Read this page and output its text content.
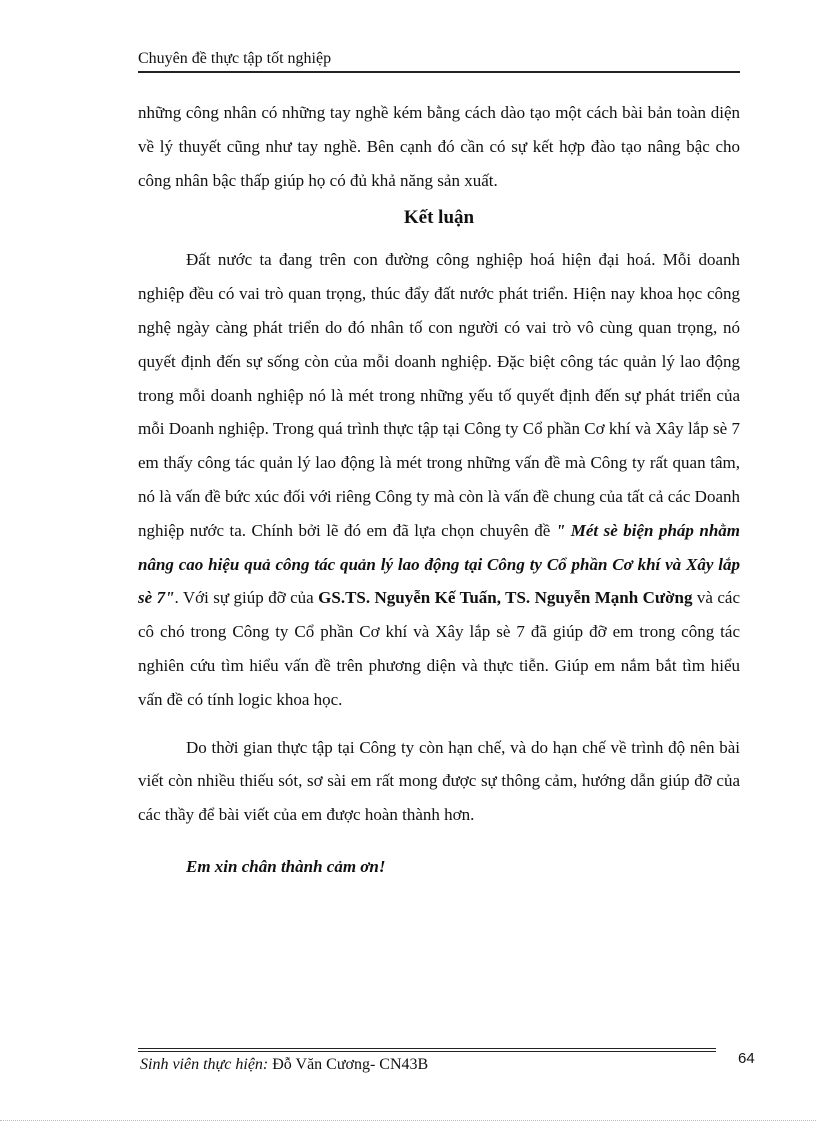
Chuyên đề thực tập tốt nghiệp

những công nhân có những tay nghề kém bằng cách dào tạo một cách bài bản toàn diện về lý thuyết cũng như tay nghề. Bên cạnh đó cần có sự kết hợp đào tạo nâng bậc cho công nhân bậc thấp giúp họ có đủ khả năng sản xuất.

Kết luận

Đất nước ta đang trên con đường công nghiệp hoá hiện đại hoá. Mỗi doanh nghiệp đều có vai trò quan trọng, thúc đẩy đất nước phát triển. Hiện nay khoa học công nghệ ngày càng phát triển do đó nhân tố con người có vai trò vô cùng quan trọng, nó quyết định đến sự sống còn của mỗi doanh nghiệp. Đặc biệt công tác quản lý lao động trong mỗi doanh nghiệp nó là mét trong những yếu tố quyết định đến sự phát triển của mỗi Doanh nghiệp. Trong quá trình thực tập tại Công ty Cổ phần Cơ khí và Xây lắp sè 7 em thấy công tác quản lý lao động là mét trong những vấn đề mà Công ty rất quan tâm, nó là vấn đề bức xúc đối với riêng Công ty mà còn là vấn đề chung của tất cả các Doanh nghiệp nước ta. Chính bởi lẽ đó em đã lựa chọn chuyên đề " Mét sè biện pháp nhằm nâng cao hiệu quả công tác quản lý lao động tại Công ty Cổ phần Cơ khí và Xây lắp sè 7". Với sự giúp đỡ của GS.TS. Nguyễn Kế Tuấn, TS. Nguyễn Mạnh Cường và các cô chó trong Công ty Cổ phần Cơ khí và Xây lắp sè 7 đã giúp đỡ em trong công tác nghiên cứu tìm hiểu vấn đề trên phương diện và thực tiễn. Giúp em nắm bắt tìm hiểu vấn đề có tính logic khoa học.

Do thời gian thực tập tại Công ty còn hạn chế, và do hạn chế về trình độ nên bài viết còn nhiều thiếu sót, sơ sài em rất mong được sự thông cảm, hướng dẫn giúp đỡ của các thầy để bài viết của em được hoàn thành hơn.

Em xin chân thành cảm ơn!

Sinh viên thực hiện: Đỗ Văn Cương- CN43B	64
